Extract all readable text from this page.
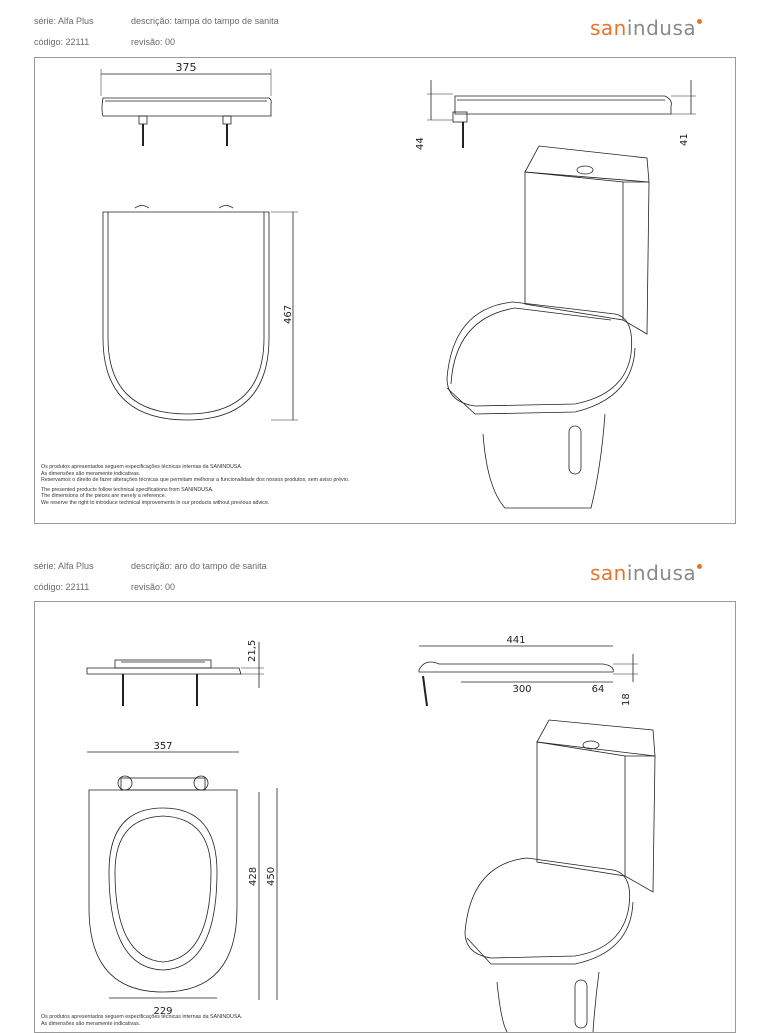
série: Alfa Plus
código: 22111
descrição: tampa do tampo de sanita
revisão: 00
sanindusa
375
44	41
467

Os produtos apresentados seguem especificações técnicas internas da SANINDUSA.
As dimensões são meramente indicativas.
Reservamos o direito de fazer alterações técnicas que permitam melhorar a funcionalidade dos nossos produtos, sem aviso prévio.

The presented products follow technical specifications from SANINDUSA.
The dimensions of the pieces are merely a reference.
We reserve the right to introduce technical improvements in our products without previous advice.

série: Alfa Plus
código: 22111
descrição: aro do tampo de sanita
revisão: 00
sanindusa
21,5	441
300	64
18
357
428 450
229

Os produtos apresentados seguem especificações técnicas internas da SANINDUSA.
As dimensões são meramente indicativas.
